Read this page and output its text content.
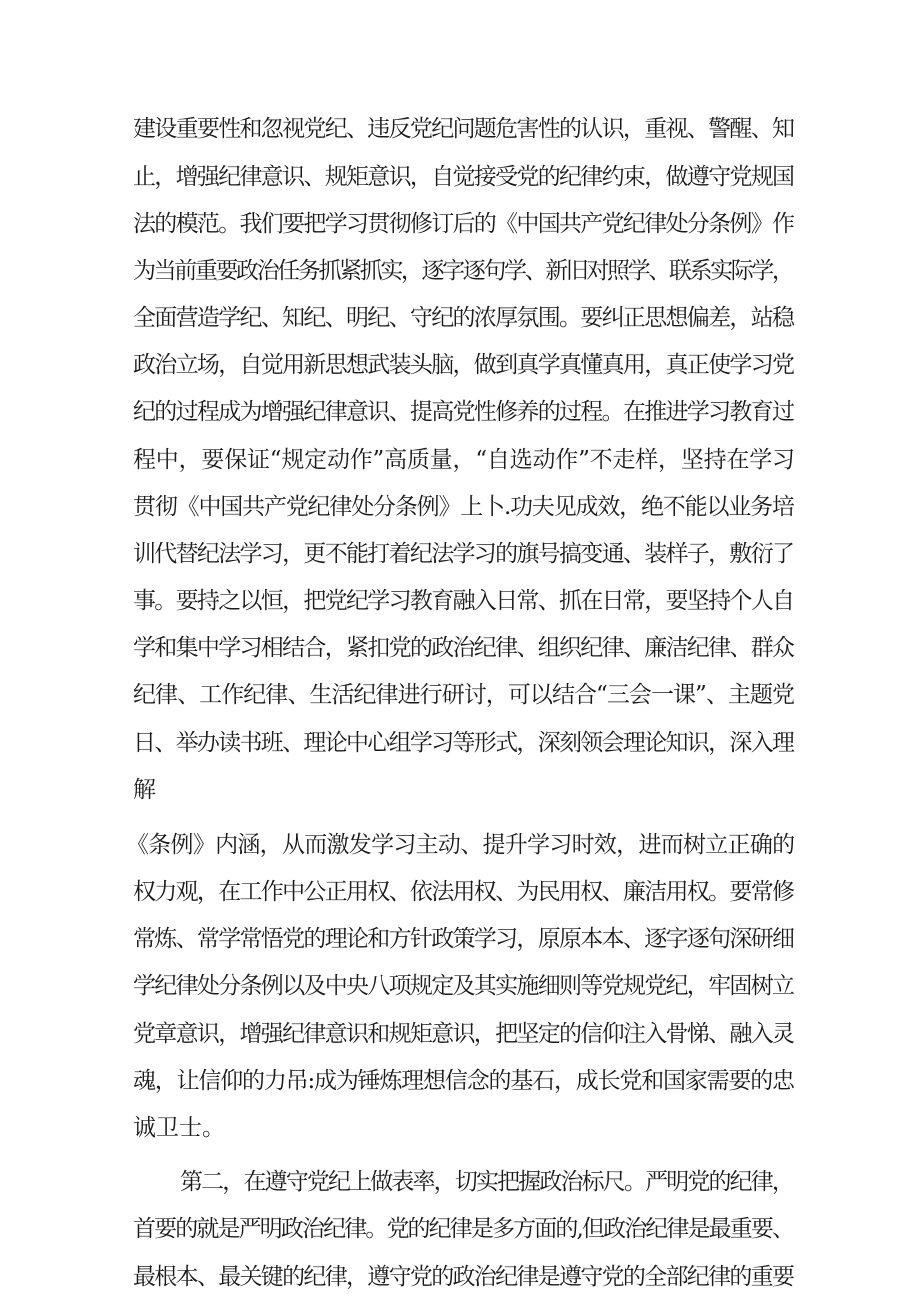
建设重要性和忽视党纪、违反党纪问题危害性的认识，重视、警醒、知

止，增强纪律意识、规矩意识，自觉接受党的纪律约束，做遵守党规国

法的模范。我们要把学习贯彻修订后的《中国共产党纪律处分条例》作

为当前重要政治任务抓紧抓实，逐字逐句学、新旧对照学、联系实际学，

全面营造学纪、知纪、明纪、守纪的浓厚氛围。要纠正思想偏差，站稳

政治立场，自觉用新思想武装头脑，做到真学真懂真用，真正使学习党

纪的过程成为增强纪律意识、提高党性修养的过程。在推进学习教育过

程中，要保证“规定动作”高质量，“自选动作”不走样，坚持在学习

贯彻《中国共产党纪律处分条例》上卜.功夫见成效，绝不能以业务培

训代替纪法学习，更不能打着纪法学习的旗号搞变通、装样子，敷衍了

事。要持之以恒，把党纪学习教育融入日常、抓在日常，要坚持个人自

学和集中学习相结合，紧扣党的政治纪律、组织纪律、廉洁纪律、群众

纪律、工作纪律、生活纪律进行研讨，可以结合“三会一课”、主题党

日、举办读书班、理论中心组学习等形式，深刻领会理论知识，深入理

解

《条例》内涵，从而激发学习主动、提升学习时效，进而树立正确的

权力观，在工作中公正用权、依法用权、为民用权、廉洁用权。要常修

常炼、常学常悟党的理论和方针政策学习，原原本本、逐字逐句深研细

学纪律处分条例以及中央八项规定及其实施细则等党规党纪，牢固树立

党章意识，增强纪律意识和规矩意识，把坚定的信仰注入骨悌、融入灵

魂，让信仰的力吊:成为锤炼理想信念的基石，成长党和国家需要的忠

诚卫士。

第二，在遵守党纪上做表率，切实把握政治标尺。严明党的纪律，

首要的就是严明政治纪律。党的纪律是多方面的,但政治纪律是最重要、

最根本、最关键的纪律，遵守党的政治纪律是遵守党的全部纪律的重要
